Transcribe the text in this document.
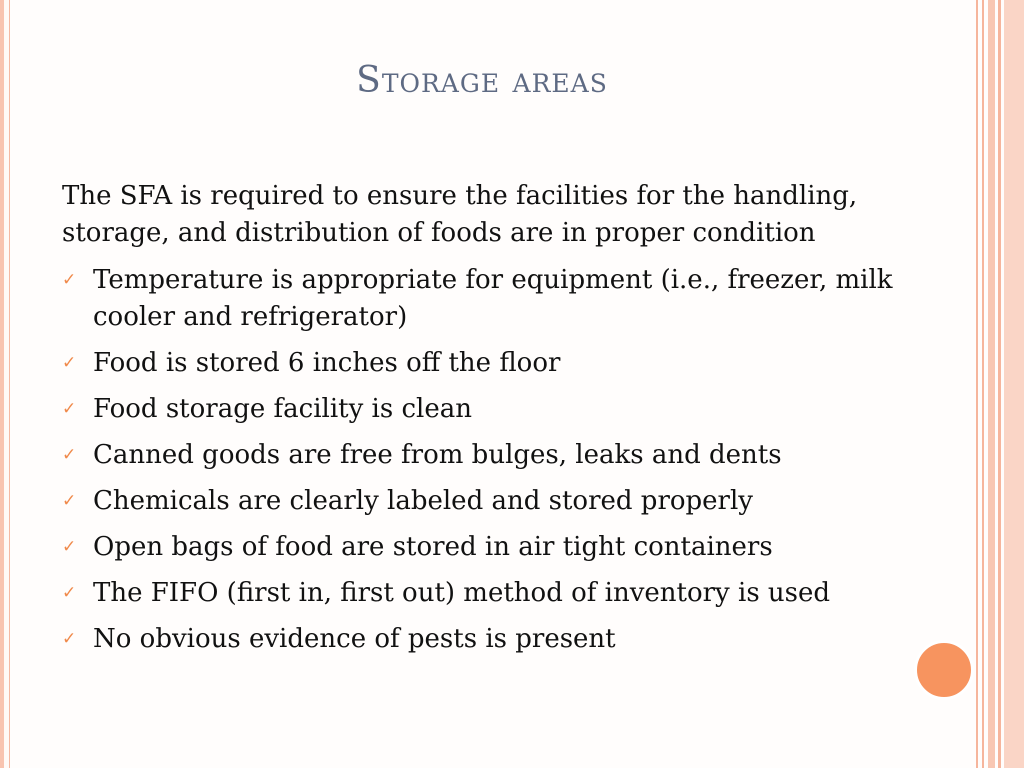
Storage areas

The SFA is required to ensure the facilities for the handling, storage, and distribution of foods are in proper condition

✓ Temperature is appropriate for equipment (i.e., freezer, milk cooler and refrigerator)
✓ Food is stored 6 inches off the floor
✓ Food storage facility is clean
✓ Canned goods are free from bulges, leaks and dents
✓ Chemicals are clearly labeled and stored properly
✓ Open bags of food are stored in air tight containers
✓ The FIFO (first in, first out) method of inventory is used
✓ No obvious evidence of pests is present
